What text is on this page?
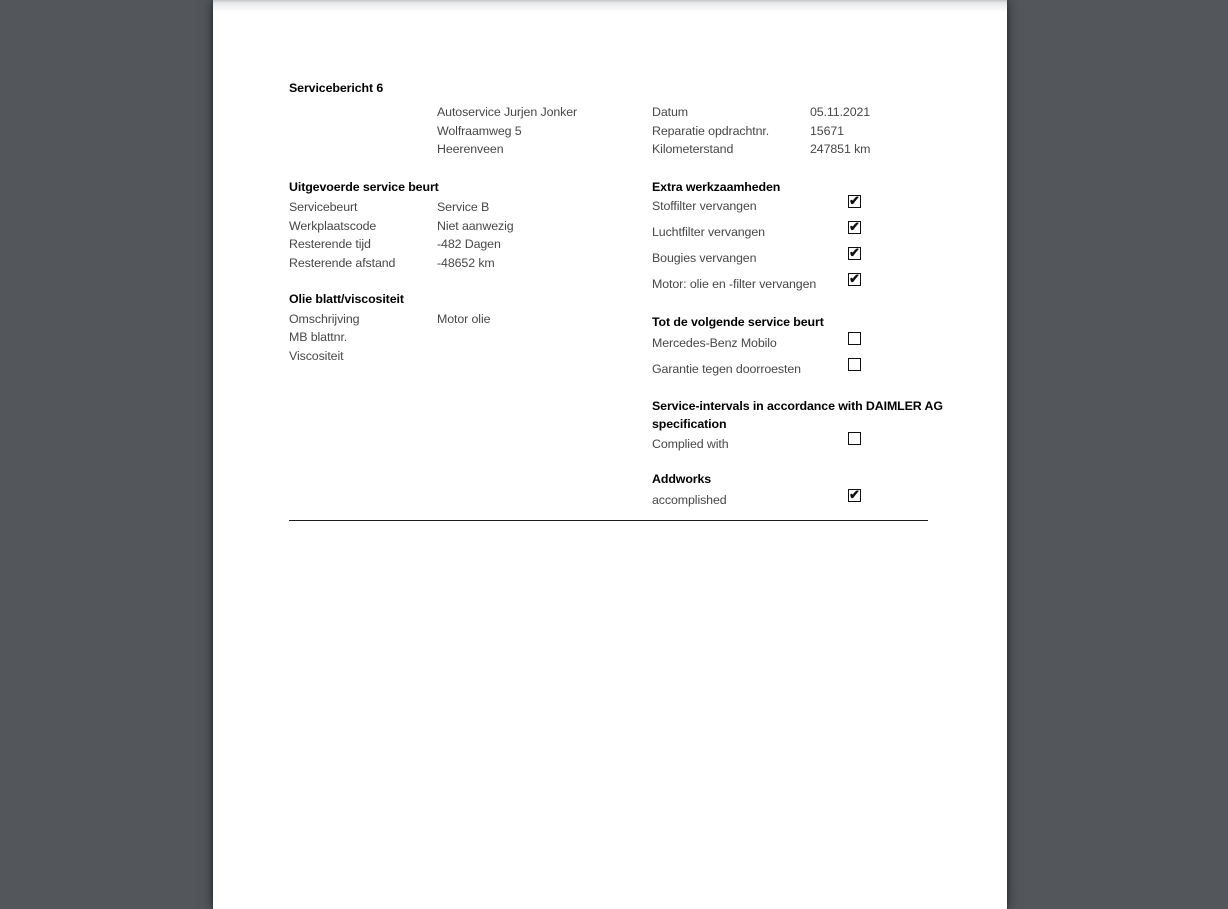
Servicebericht 6
Autoservice Jurjen Jonker
Wolfraamweg 5
Heerenveen
Datum	05.11.2021
Reparatie opdrachtnr.	15671
Kilometerstand	247851 km
Uitgevoerde service beurt
Servicebeurt	Service B
Werkplaatscode	Niet aanwezig
Resterende tijd	-482 Dagen
Resterende afstand	-48652 km
Olie blatt/viscositeit
Omschrijving	Motor olie
MB blattnr.
Viscositeit
Extra werkzaamheden
Stoffilter vervangen	✔
Luchtfilter vervangen	✔
Bougies vervangen	✔
Motor: olie en -filter vervangen	✔
Tot de volgende service beurt
Mercedes-Benz Mobilo
Garantie tegen doorroesten
Service-intervals in accordance with DAIMLER AG specification
Complied with
Addworks
accomplished	✔
